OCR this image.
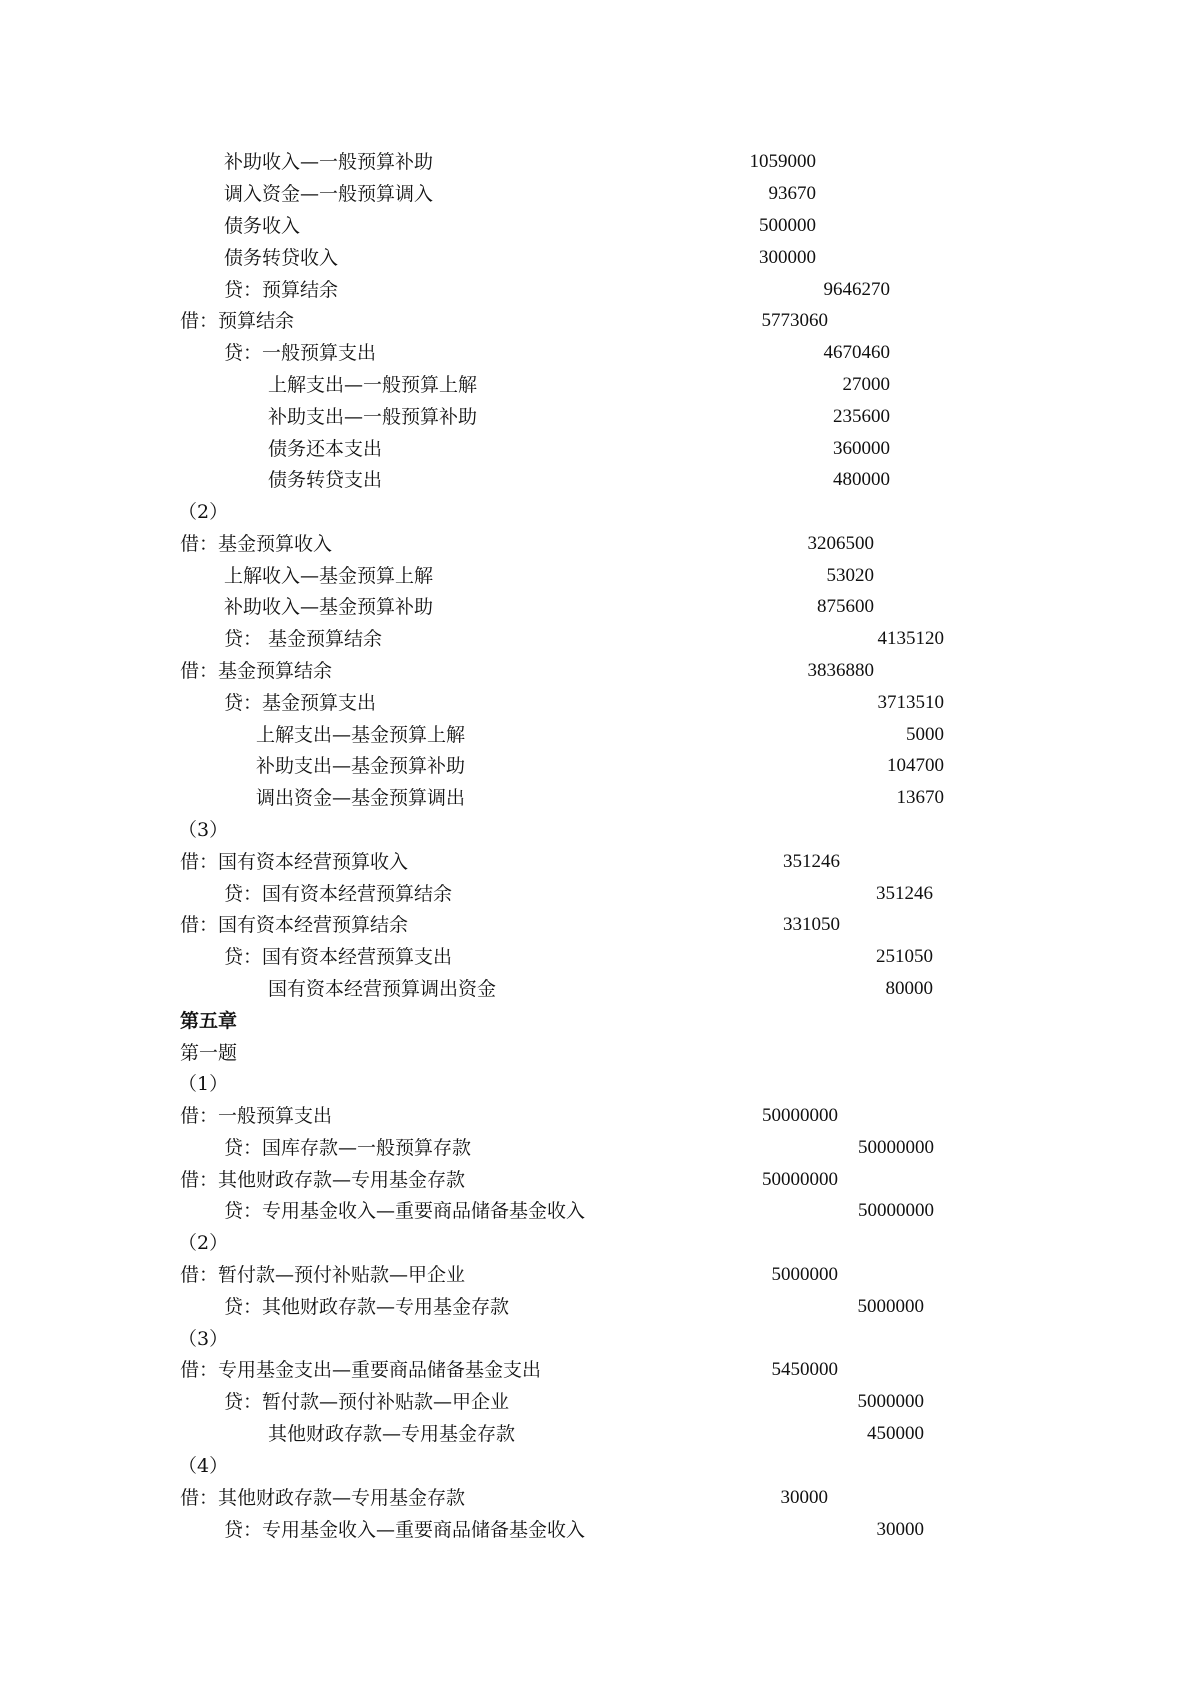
补助收入—一般预算补助	1059000
调入资金—一般预算调入	93670
债务收入	500000
债务转贷收入	300000
贷：预算结余	9646270
借：预算结余	5773060
贷：一般预算支出	4670460
上解支出—一般预算上解	27000
补助支出—一般预算补助	235600
债务还本支出	360000
债务转贷支出	480000
（2）
借：基金预算收入	3206500
上解收入—基金预算上解	53020
补助收入—基金预算补助	875600
贷： 基金预算结余	4135120
借：基金预算结余	3836880
贷：基金预算支出	3713510
上解支出—基金预算上解	5000
补助支出—基金预算补助	104700
调出资金—基金预算调出	13670
（3）
借：国有资本经营预算收入	351246
贷：国有资本经营预算结余	351246
借：国有资本经营预算结余	331050
贷：国有资本经营预算支出	251050
国有资本经营预算调出资金	80000
第五章
第一题
（1）
借：一般预算支出	50000000
贷：国库存款—一般预算存款	50000000
借：其他财政存款—专用基金存款	50000000
贷：专用基金收入—重要商品储备基金收入	50000000
（2）
借：暂付款—预付补贴款—甲企业	5000000
贷：其他财政存款—专用基金存款	5000000
（3）
借：专用基金支出—重要商品储备基金支出	5450000
贷：暂付款—预付补贴款—甲企业	5000000
其他财政存款—专用基金存款	450000
（4）
借：其他财政存款—专用基金存款	30000
贷：专用基金收入—重要商品储备基金收入	30000
